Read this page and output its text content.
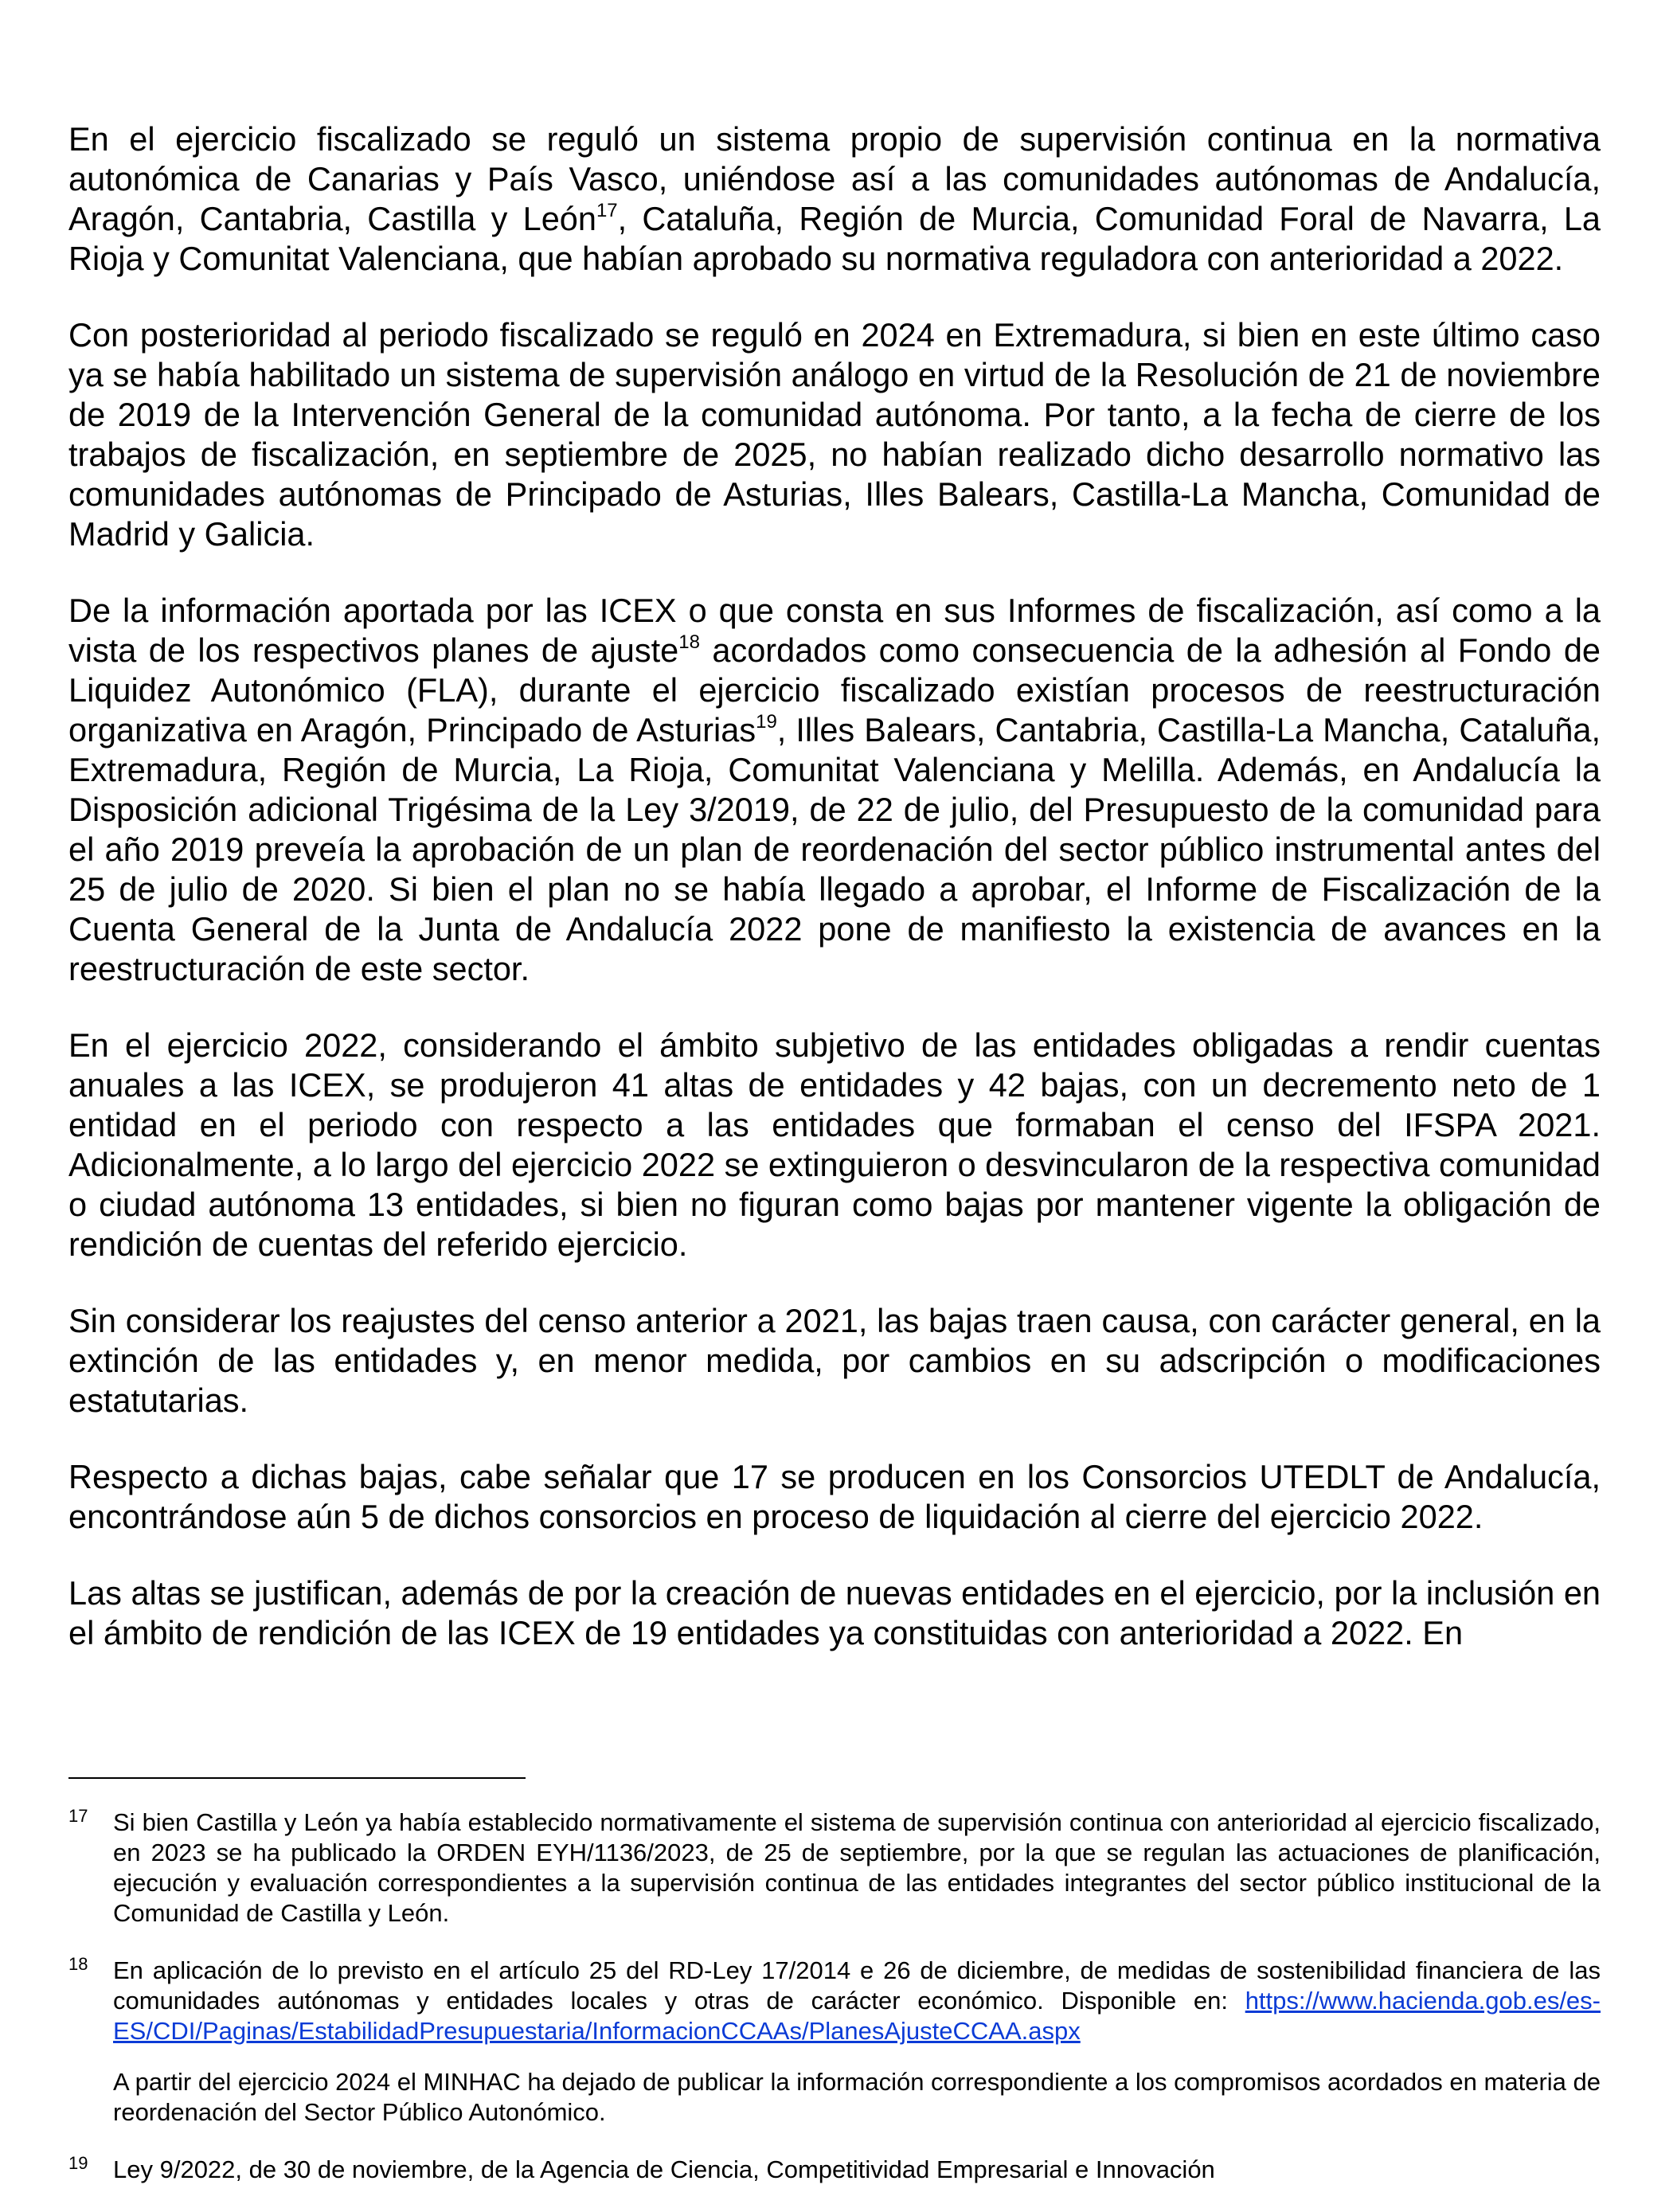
En el ejercicio fiscalizado se reguló un sistema propio de supervisión continua en la normativa autonómica de Canarias y País Vasco, uniéndose así a las comunidades autónomas de Andalucía, Aragón, Cantabria, Castilla y León$^{17}$, Cataluña, Región de Murcia, Comunidad Foral de Navarra, La Rioja y Comunitat Valenciana, que habían aprobado su normativa reguladora con anterioridad a 2022.

Con posterioridad al periodo fiscalizado se reguló en 2024 en Extremadura, si bien en este último caso ya se había habilitado un sistema de supervisión análogo en virtud de la Resolución de 21 de noviembre de 2019 de la Intervención General de la comunidad autónoma. Por tanto, a la fecha de cierre de los trabajos de fiscalización, en septiembre de 2025, no habían realizado dicho desarrollo normativo las comunidades autónomas de Principado de Asturias, Illes Balears, Castilla-La Mancha, Comunidad de Madrid y Galicia.

De la información aportada por las ICEX o que consta en sus Informes de fiscalización, así como a la vista de los respectivos planes de ajuste$^{18}$ acordados como consecuencia de la adhesión al Fondo de Liquidez Autonómico (FLA), durante el ejercicio fiscalizado existían procesos de reestructuración organizativa en Aragón, Principado de Asturias$^{19}$, Illes Balears, Cantabria, Castilla-La Mancha, Cataluña, Extremadura, Región de Murcia, La Rioja, Comunitat Valenciana y Melilla. Además, en Andalucía la Disposición adicional Trigésima de la Ley 3/2019, de 22 de julio, del Presupuesto de la comunidad para el año 2019 preveía la aprobación de un plan de reordenación del sector público instrumental antes del 25 de julio de 2020. Si bien el plan no se había llegado a aprobar, el Informe de Fiscalización de la Cuenta General de la Junta de Andalucía 2022 pone de manifiesto la existencia de avances en la reestructuración de este sector.

En el ejercicio 2022, considerando el ámbito subjetivo de las entidades obligadas a rendir cuentas anuales a las ICEX, se produjeron 41 altas de entidades y 42 bajas, con un decremento neto de 1 entidad en el periodo con respecto a las entidades que formaban el censo del IFSPA 2021. Adicionalmente, a lo largo del ejercicio 2022 se extinguieron o desvincularon de la respectiva comunidad o ciudad autónoma 13 entidades, si bien no figuran como bajas por mantener vigente la obligación de rendición de cuentas del referido ejercicio.

Sin considerar los reajustes del censo anterior a 2021, las bajas traen causa, con carácter general, en la extinción de las entidades y, en menor medida, por cambios en su adscripción o modificaciones estatutarias.

Respecto a dichas bajas, cabe señalar que 17 se producen en los Consorcios UTEDLT de Andalucía, encontrándose aún 5 de dichos consorcios en proceso de liquidación al cierre del ejercicio 2022.

Las altas se justifican, además de por la creación de nuevas entidades en el ejercicio, por la inclusión en el ámbito de rendición de las ICEX de 19 entidades ya constituidas con anterioridad a 2022. En

17 Si bien Castilla y León ya había establecido normativamente el sistema de supervisión continua con anterioridad al ejercicio fiscalizado, en 2023 se ha publicado la ORDEN EYH/1136/2023, de 25 de septiembre, por la que se regulan las actuaciones de planificación, ejecución y evaluación correspondientes a la supervisión continua de las entidades integrantes del sector público institucional de la Comunidad de Castilla y León.
18 En aplicación de lo previsto en el artículo 25 del RD-Ley 17/2014 e 26 de diciembre, de medidas de sostenibilidad financiera de las comunidades autónomas y entidades locales y otras de carácter económico. Disponible en: https://www.hacienda.gob.es/es-ES/CDI/Paginas/EstabilidadPresupuestaria/InformacionCCAAs/PlanesAjusteCCAA.aspx
A partir del ejercicio 2024 el MINHAC ha dejado de publicar la información correspondiente a los compromisos acordados en materia de reordenación del Sector Público Autonómico.
19 Ley 9/2022, de 30 de noviembre, de la Agencia de Ciencia, Competitividad Empresarial e Innovación
